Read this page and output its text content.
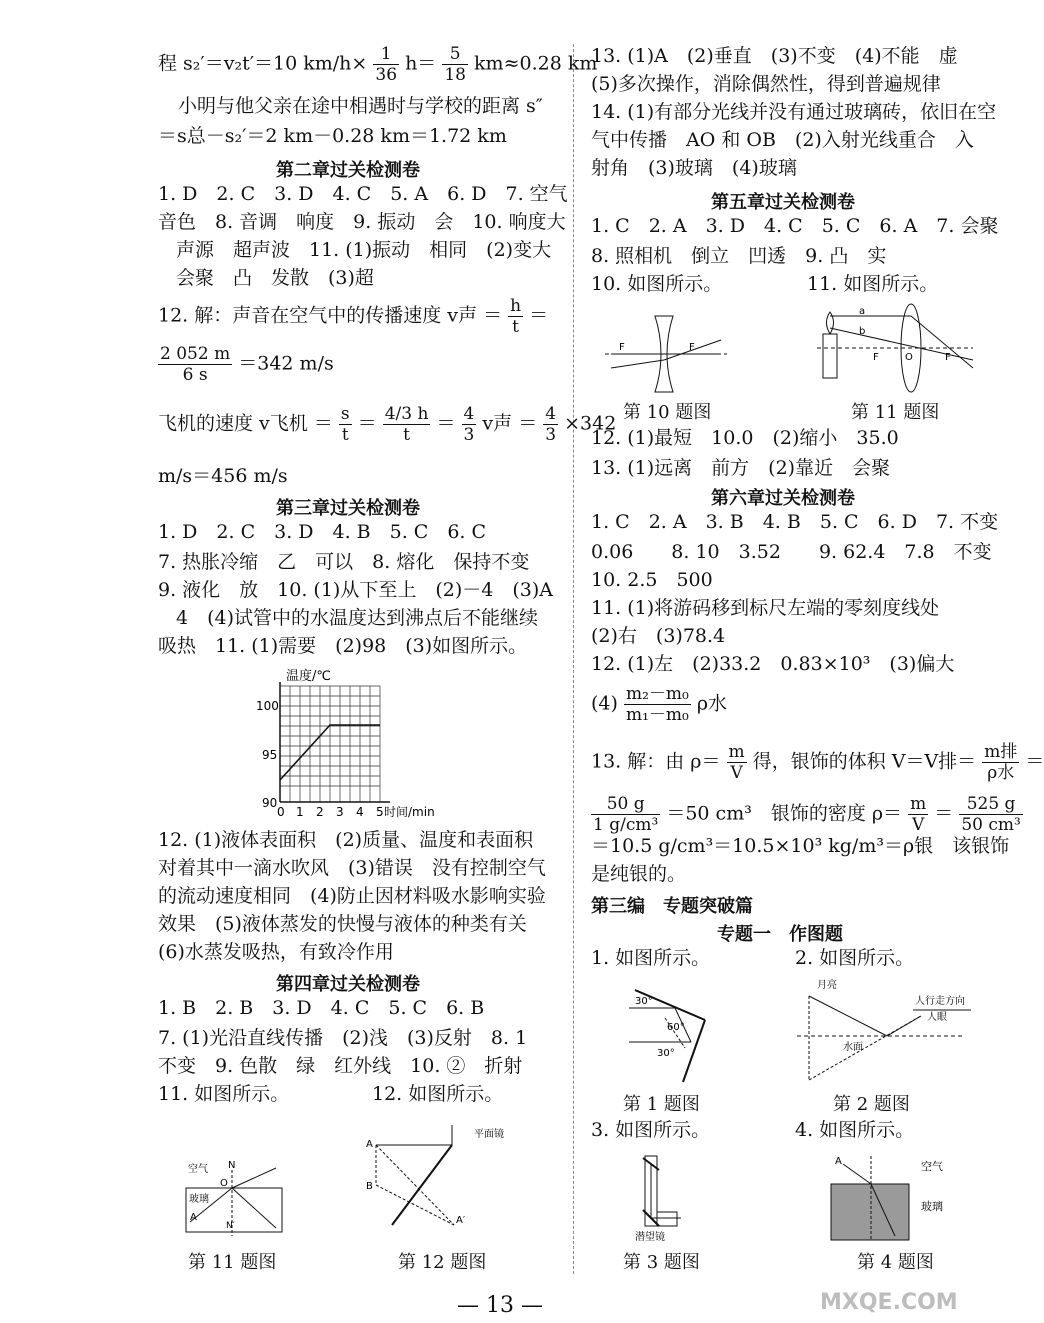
程 s₂′＝v₂t′＝10 $km/h\times \frac{1}{36} h= \frac{5}{18} km\approx 0.28$ km
小明与他父亲在途中相遇时与学校的距离 s″
＝s总－s₂′＝2 km－0.28 km＝1.72 km
第二章过关检测卷
1. D　2. C　3. D　4. C　5. A　6. D　7. 空气
音色　8. 音调　响度　9. 振动　会　10. 响度大
声源　超声波　11. (1)振动　相同　(2)变大
会聚　凸　发散　(3)超
12. 解：声音在空气中的传播速度 v声 ＝ $\frac{h}{t}$ ＝
$\frac{2 052 m}{6 s} =342$ m/s
飞机的速度 v飞机 ＝ $\frac{s}{t} = \frac{4/3 h}{t} = \frac{4}{3}$ v声 ＝ $\frac{4}{3} \times 342$
m/s＝456 m/s
第三章过关检测卷
1. D　2. C　3. D　4. B　5. C　6. C
7. 热胀冷缩　乙　可以　8. 熔化　保持不变
9. 液化　放　10. (1)从下至上　(2)－4　(3)A
4　(4)试管中的水温度达到沸点后不能继续
吸热　11. (1)需要　(2)98　(3)如图所示。
温度/℃
100
95
90
0 1 2 3 4 5 时间/min
12. (1)液体表面积　(2)质量、温度和表面积
对着其中一滴水吹风　(3)错误　没有控制空气
的流动速度相同　(4)防止因材料吸水影响实验
效果　(5)液体蒸发的快慢与液体的种类有关
(6)水蒸发吸热，有致冷作用
第四章过关检测卷
1. B　2. B　3. D　4. C　5. C　6. B
7. (1)光沿直线传播　(2)浅　(3)反射　8. 1
不变　9. 色散　绿　红外线　10. ②　折射
11. 如图所示。	12. 如图所示。
空气 N
玻璃
O
A
N′
第 11 题图
平面镜
A
B
A′
第 12 题图
13. (1)A　(2)垂直　(3)不变　(4)不能　虚
(5)多次操作，消除偶然性，得到普遍规律
14. (1)有部分光线并没有通过玻璃砖，依旧在空
气中传播　AO 和 OB　(2)入射光线重合　入
射角　(3)玻璃　(4)玻璃
第五章过关检测卷
1. C　2. A　3. D　4. C　5. C　6. A　7. 会聚
8. 照相机　倒立　凹透　9. 凸　实
10. 如图所示。	11. 如图所示。
F	F
第 10 题图
a
b
F	O	F
第 11 题图
12. (1)最短　10.0　(2)缩小　35.0
13. (1)远离　前方　(2)靠近　会聚
第六章过关检测卷
1. C　2. A　3. B　4. B　5. C　6. D　7. 不变
0.06　　8. 10　3.52　　9. 62.4　7.8　不变
10. 2.5　500
11. (1)将游码移到标尺左端的零刻度线处
(2)右　(3)78.4
12. (1)左　(2)33.2　0.83×10³　(3)偏大
$(4) \frac{\text{m₂－m₀}}{\text{m₁－m₀}}$ ρ水
13. 解：由 $\rho= \frac{m}{V}$ 得，银饰的体积 V＝V排＝ $\frac{\text{m排}}{\text{ρ水}}$ ＝
$\frac{50 g}{\text{1 g/cm³}} =50$ cm³　银饰的密度 $\rho= \frac{m}{V} = \frac{525 g}{\text{50 cm³}}$
＝10.5 g/cm³＝10.5×10³ kg/m³＝ρ银　该银饰
是纯银的。
第三编　专题突破篇
专题一　作图题
1. 如图所示。	2. 如图所示。
30°
60°
30°
第 1 题图
月亮
人行走方向
人眼
水面
第 2 题图
3. 如图所示。	4. 如图所示。
潜望镜
第 3 题图
空气
玻璃
A
第 4 题图
— 13 —	MXQE.COM
